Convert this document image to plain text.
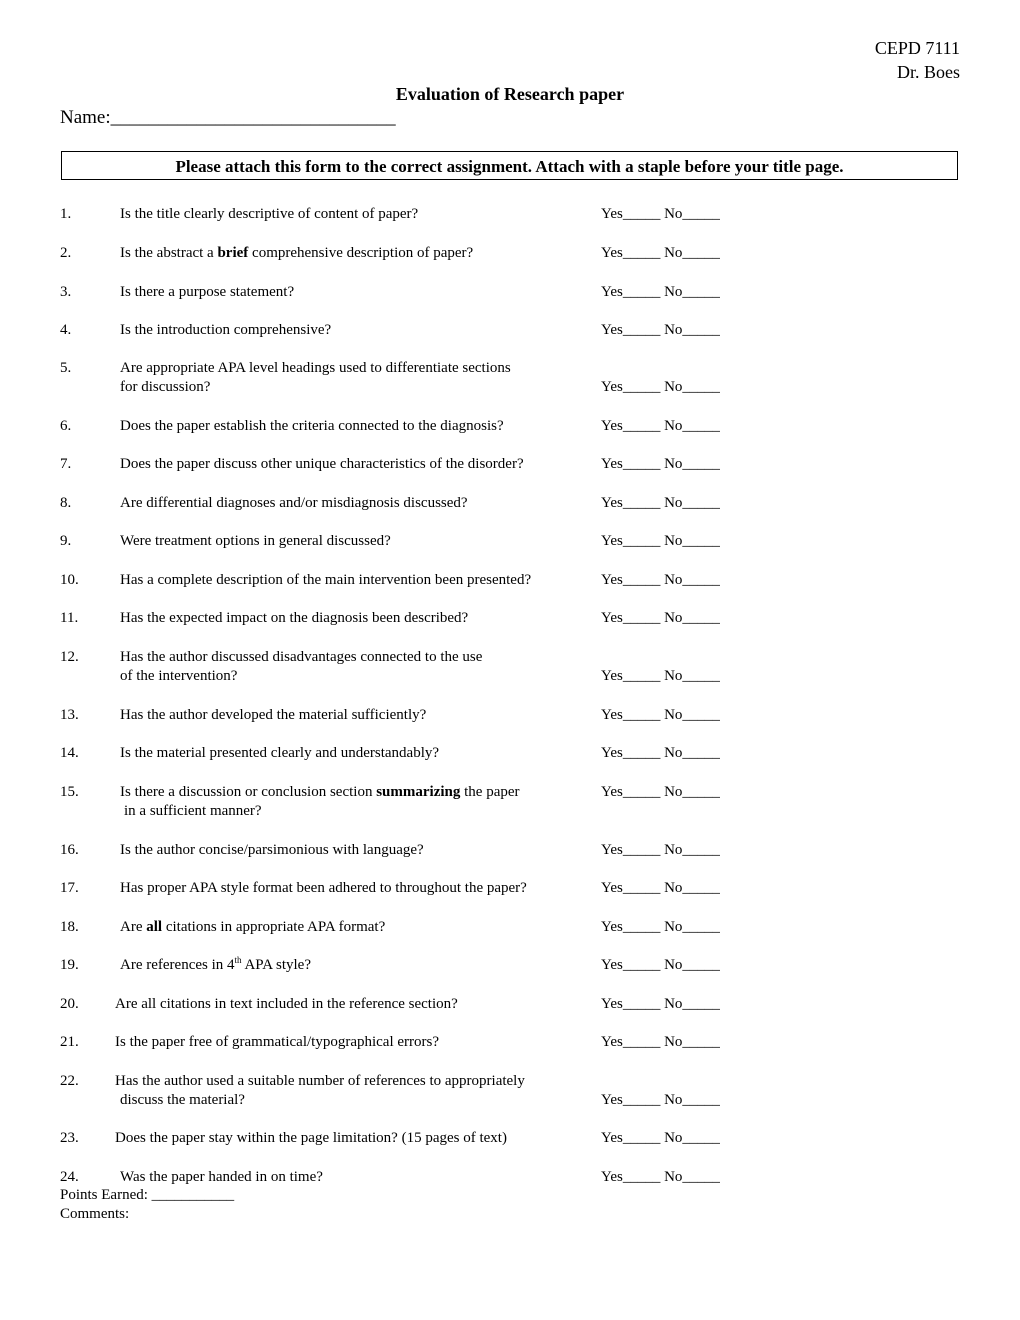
CEPD 7111
Dr. Boes
Evaluation of Research paper
Name:______________________________
Please attach this form to the correct assignment. Attach with a staple before your title page.
1.	Is the title clearly descriptive of content of paper?	Yes_____ No_____
2.	Is the abstract a brief comprehensive description of paper?	Yes_____ No_____
3.	Is there a purpose statement?	Yes_____ No_____
4.	Is the introduction comprehensive?	Yes_____ No_____
5.	Are appropriate APA level headings used to differentiate sections
for discussion?	Yes_____ No_____
6.	Does the paper establish the criteria connected to the diagnosis?	Yes_____ No_____
7.	Does the paper discuss other unique characteristics of the disorder?	Yes_____ No_____
8.	Are differential diagnoses and/or misdiagnosis discussed?	Yes_____ No_____
9.	Were treatment options in general discussed?	Yes_____ No_____
10.	Has a complete description of the main intervention been presented?	Yes_____ No_____
11.	Has the expected impact on the diagnosis been described?	Yes_____ No_____
12.	Has the author discussed disadvantages connected to the use
of the intervention?	Yes_____ No_____
13.	Has the author developed the material sufficiently?	Yes_____ No_____
14.	Is the material presented clearly and understandably?	Yes_____ No_____
15.	Is there a discussion or conclusion section summarizing the paper	Yes_____ No_____
in a sufficient manner?
16.	Is the author concise/parsimonious with language?	Yes_____ No_____
17.	Has proper APA style format been adhered to throughout the paper?	Yes_____ No_____
18.	Are all citations in appropriate APA format?	Yes_____ No_____
19.	Are references in 4th APA style?	Yes_____ No_____
20. Are all citations in text included in the reference section?	Yes_____ No_____
21. Is the paper free of grammatical/typographical errors?	Yes_____ No_____
22. Has the author used a suitable number of references to appropriately
discuss the material?	Yes_____ No_____
23. Does the paper stay within the page limitation? (15 pages of text)	Yes_____ No_____
24.	Was the paper handed in on time?	Yes_____ No_____
Points Earned: ___________
Comments:
